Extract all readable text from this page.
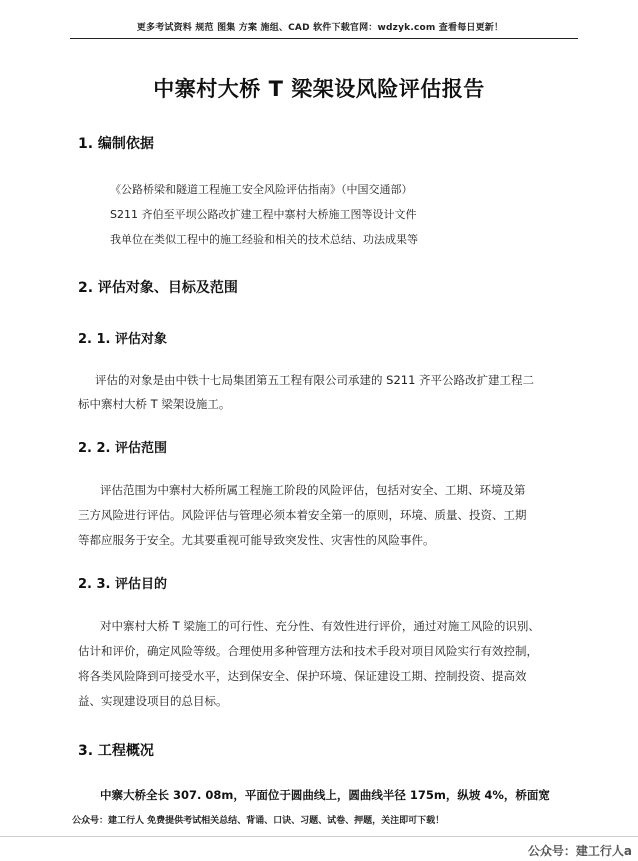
更多考试资料 规范 图集 方案 施组、CAD 软件下载官网：wdzyk.com 查看每日更新！
中寨村大桥 T 梁架设风险评估报告
1. 编制依据
《公路桥梁和隧道工程施工安全风险评估指南》（中国交通部）
S211 齐伯至平坝公路改扩建工程中寨村大桥施工图等设计文件
我单位在类似工程中的施工经验和相关的技术总结、功法成果等
2. 评估对象、目标及范围
2. 1. 评估对象
评估的对象是由中铁十七局集团第五工程有限公司承建的 S211 齐平公路改扩建工程二
标中寨村大桥 T 梁架设施工。
2. 2. 评估范围
评估范围为中寨村大桥所属工程施工阶段的风险评估，包括对安全、工期、环境及第
三方风险进行评估。风险评估与管理必须本着安全第一的原则，环境、质量、投资、工期
等都应服务于安全。尤其要重视可能导致突发性、灾害性的风险事件。
2. 3. 评估目的
对中寨村大桥 T 梁施工的可行性、充分性、有效性进行评价，通过对施工风险的识别、
估计和评价，确定风险等级。合理使用多种管理方法和技术手段对项目风险实行有效控制，
将各类风险降到可接受水平，达到保安全、保护环境、保证建设工期、控制投资、提高效
益、实现建设项目的总目标。
3. 工程概况
中寨大桥全长 307. 08m，平面位于圆曲线上，圆曲线半径 175m，纵坡 4%，桥面宽
公众号：建工行人 免费提供考试相关总结、背诵、口诀、习题、试卷、押题，关注即可下载！
公众号：建工行人a
